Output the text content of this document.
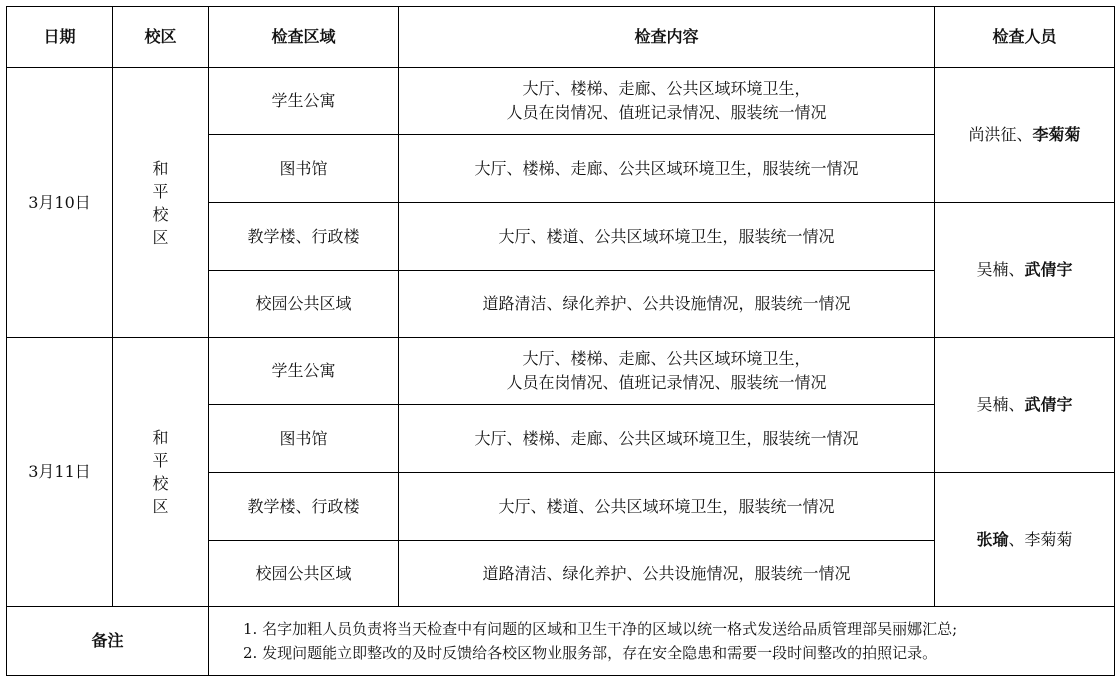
日期	校区	检查区域	检查内容	检查人员
3月10日	和
平
校
区	学生公寓	大厅、楼梯、走廊、公共区域环境卫生，
人员在岗情况、值班记录情况、服装统一情况	尚洪征、李菊菊
		图书馆	大厅、楼梯、走廊、公共区域环境卫生，服装统一情况	
		教学楼、行政楼	大厅、楼道、公共区域环境卫生，服装统一情况	吴楠、武倩宇
		校园公共区域	道路清洁、绿化养护、公共设施情况，服装统一情况	
3月11日	和
平
校
区	学生公寓	大厅、楼梯、走廊、公共区域环境卫生，
人员在岗情况、值班记录情况、服装统一情况	吴楠、武倩宇
		图书馆	大厅、楼梯、走廊、公共区域环境卫生，服装统一情况	
		教学楼、行政楼	大厅、楼道、公共区域环境卫生，服装统一情况	张瑜、李菊菊
		校园公共区域	道路清洁、绿化养护、公共设施情况，服装统一情况	
备注		1. 名字加粗人员负责将当天检查中有问题的区域和卫生干净的区域以统一格式发送给品质管理部吴丽娜汇总;
2. 发现问题能立即整改的及时反馈给各校区物业服务部，存在安全隐患和需要一段时间整改的拍照记录。		
